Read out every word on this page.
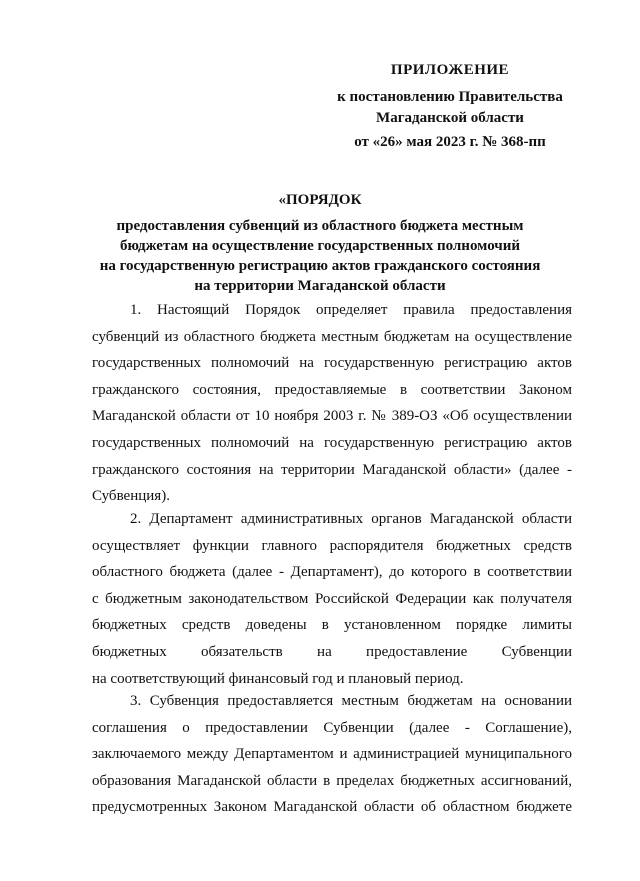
ПРИЛОЖЕНИЕ
к постановлению Правительства
Магаданской области
от «26» мая 2023 г. № 368-пп
«ПОРЯДОК
предоставления субвенций из областного бюджета местным
бюджетам на осуществление государственных полномочий
на государственную регистрацию актов гражданского состояния
на территории Магаданской области
1. Настоящий Порядок определяет правила предоставления
субвенций из областного бюджета местным бюджетам на осуществление
государственных полномочий на государственную регистрацию актов
гражданского состояния, предоставляемые в соответствии Законом
Магаданской области от 10 ноября 2003 г. № 389-ОЗ «Об осуществлении
государственных полномочий на государственную регистрацию актов
гражданского состояния на территории Магаданской области» (далее -
Субвенция).
2. Департамент административных органов Магаданской области
осуществляет функции главного распорядителя бюджетных средств
областного бюджета (далее - Департамент), до которого в соответствии
с бюджетным законодательством Российской Федерации как получателя
бюджетных средств доведены в установленном порядке лимиты
бюджетных обязательств на предоставление Субвенции
на соответствующий финансовый год и плановый период.
3. Субвенция предоставляется местным бюджетам на основании
соглашения о предоставлении Субвенции (далее - Соглашение),
заключаемого между Департаментом и администрацией муниципального
образования Магаданской области в пределах бюджетных ассигнований,
предусмотренных Законом Магаданской области об областном бюджете
